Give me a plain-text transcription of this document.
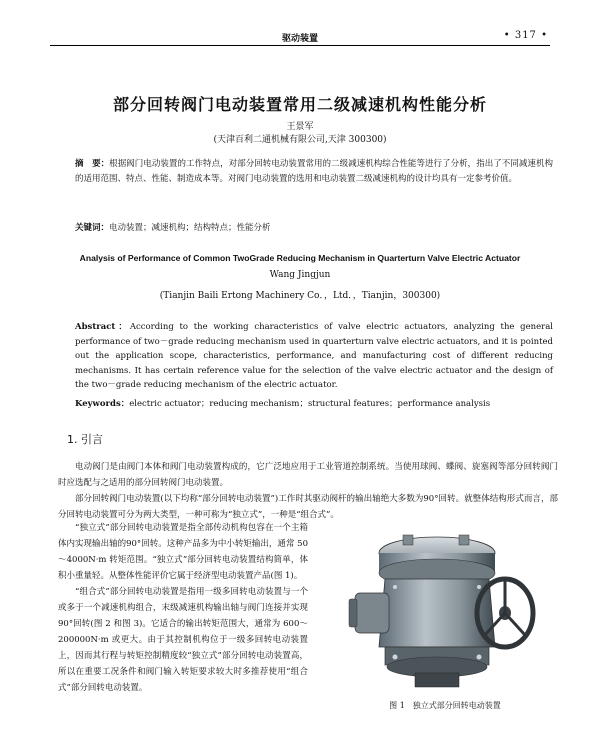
驱动装置	• 317 •
部分回转阀门电动装置常用二级减速机构性能分析
王景军
(天津百利二通机械有限公司,天津 300300)

摘　要：根据阀门电动装置的工作特点，对部分回转电动装置常用的二级减速机构综合性能等进行了分析，指出了不同减速机构的适用范围、特点、性能、制造成本等。对阀门电动装置的选用和电动装置二级减速机构的设计均具有一定参考价值。

关键词：电动装置；减速机构；结构特点；性能分析

Analysis of Performance of Common TwoGrade Reducing Mechanism in Quarterturn Valve Electric Actuator
Wang Jingjun
(Tianjin Baili Ertong Machinery Co．，Ltd．，Tianjin，300300)
Abstract：According to the working characteristics of valve electric actuators, analyzing the general performance of two－grade reducing mechanism used in quarterturn valve electric actuators, and it is pointed out the application scope, characteristics, performance, and manufacturing cost of different reducing mechanisms. It has certain reference value for the selection of the valve electric actuator and the design of the two－grade reducing mechanism of the electric actuator.
Keywords：electric actuator；reducing mechanism；structural features；performance analysis
1. 引言

电动阀门是由阀门本体和阀门电动装置构成的，它广泛地应用于工业管道控制系统。当使用球阀、蝶阀、旋塞阀等部分回转阀门时应选配与之适用的部分回转阀门电动装置。

部分回转阀门电动装置(以下均称“部分回转电动装置”)工作时其驱动阀杆的输出轴绝大多数为90°回转。就整体结构形式而言，部分回转电动装置可分为两大类型，一种可称为“独立式”，一种是“组合式”。

“独立式”部分回转电动装置是指全部传动机构包容在一个主箱体内实现输出轴的90°回转。这种产品多为中小转矩输出，通常 50～4000N·m 转矩范围。“独立式”部分回转电动装置结构简单，体积小重量轻。从整体性能评价它属于经济型电动装置产品(图 1)。

“组合式”部分回转电动装置是指用一级多回转电动装置与一个或多于一个减速机构组合，末级减速机构输出轴与阀门连接并实现90°回转(图 2 和图 3)。它适合的输出转矩范围大，通常为 600～200000N·m 或更大。由于其控制机构位于一级多回转电动装置上，因而其行程与转矩控制精度较“独立式”部分回转电动装置高，所以在重要工况条件和阀门输入转矩要求较大时多推荐使用“组合式”部分回转电动装置。

图 1　独立式部分回转电动装置
